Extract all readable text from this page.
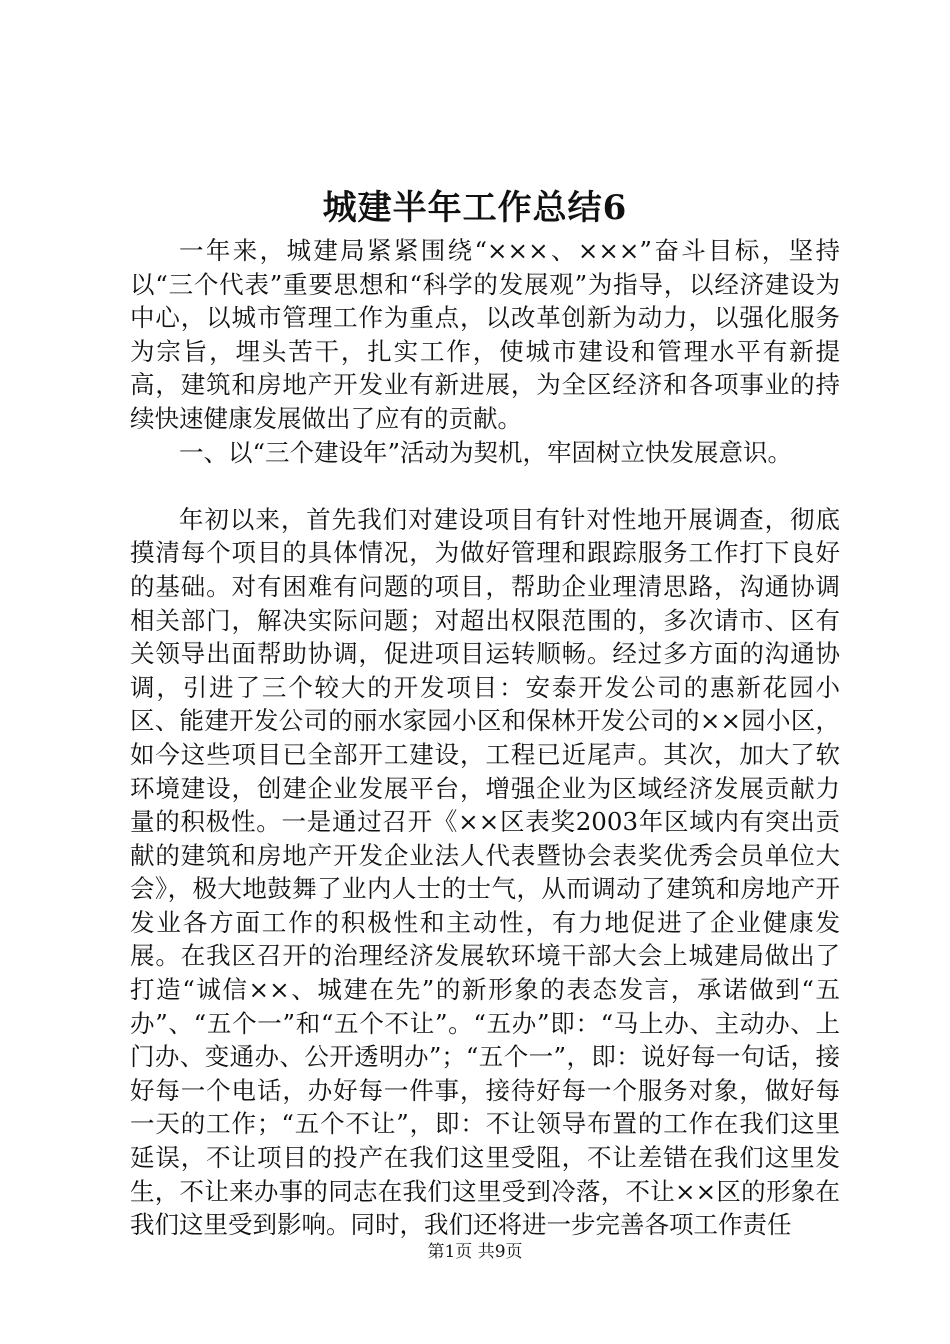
城建半年工作总结6

一年来，城建局紧紧围绕“×××、×××”奋斗目标，坚持以“三个代表”重要思想和“科学的发展观”为指导，以经济建设为中心，以城市管理工作为重点，以改革创新为动力，以强化服务为宗旨，埋头苦干，扎实工作，使城市建设和管理水平有新提高，建筑和房地产开发业有新进展，为全区经济和各项事业的持续快速健康发展做出了应有的贡献。

一、以“三个建设年”活动为契机，牢固树立快发展意识。

年初以来，首先我们对建设项目有针对性地开展调查，彻底摸清每个项目的具体情况，为做好管理和跟踪服务工作打下良好的基础。对有困难有问题的项目，帮助企业理清思路，沟通协调相关部门，解决实际问题；对超出权限范围的，多次请市、区有关领导出面帮助协调，促进项目运转顺畅。经过多方面的沟通协调，引进了三个较大的开发项目：安泰开发公司的惠新花园小区、能建开发公司的丽水家园小区和保林开发公司的××园小区，如今这些项目已全部开工建设，工程已近尾声。其次，加大了软环境建设，创建企业发展平台，增强企业为区域经济发展贡献力量的积极性。一是通过召开《××区表奖2003年区域内有突出贡献的建筑和房地产开发企业法人代表暨协会表奖优秀会员单位大会》，极大地鼓舞了业内人士的士气，从而调动了建筑和房地产开发业各方面工作的积极性和主动性，有力地促进了企业健康发展。在我区召开的治理经济发展软环境干部大会上城建局做出了打造“诚信××、城建在先”的新形象的表态发言，承诺做到“五办”、“五个一”和“五个不让”。“五办”即：“马上办、主动办、上门办、变通办、公开透明办”；“五个一”，即：说好每一句话，接好每一个电话，办好每一件事，接待好每一个服务对象，做好每一天的工作；“五个不让”，即：不让领导布置的工作在我们这里延误，不让项目的投产在我们这里受阻，不让差错在我们这里发生，不让来办事的同志在我们这里受到冷落，不让××区的形象在我们这里受到影响。同时，我们还将进一步完善各项工作责任

第1页 共9页
